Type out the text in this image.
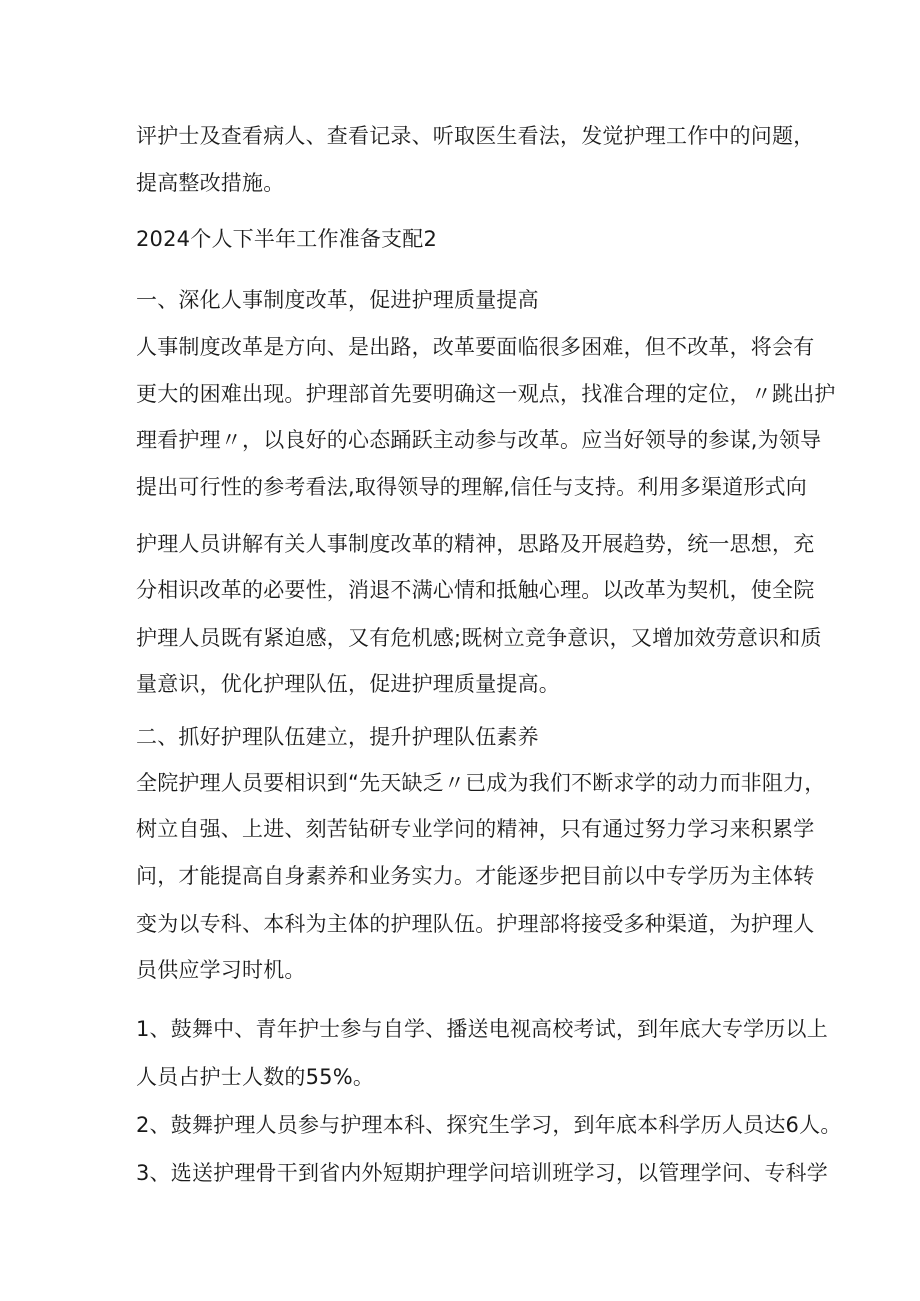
评护士及查看病人、查看记录、听取医生看法，发觉护理工作中的问题，
提高整改措施。
2024个人下半年工作准备支配2
一、深化人事制度改革，促进护理质量提高
人事制度改革是方向、是出路，改革要面临很多困难，但不改革，将会有
更大的困难出现。护理部首先要明确这一观点，找准合理的定位，〃跳出护
理看护理〃，以良好的心态踊跃主动参与改革。应当好领导的参谋,为领导
提出可行性的参考看法,取得领导的理解,信任与支持。利用多渠道形式向
护理人员讲解有关人事制度改革的精神，思路及开展趋势，统一思想，充
分相识改革的必要性，消退不满心情和抵触心理。以改革为契机，使全院
护理人员既有紧迫感，又有危机感;既树立竞争意识，又增加效劳意识和质
量意识，优化护理队伍，促进护理质量提高。
二、抓好护理队伍建立，提升护理队伍素养
全院护理人员要相识到“先天缺乏〃已成为我们不断求学的动力而非阻力，
树立自强、上进、刻苦钻研专业学问的精神，只有通过努力学习来积累学
问，才能提高自身素养和业务实力。才能逐步把目前以中专学历为主体转
变为以专科、本科为主体的护理队伍。护理部将接受多种渠道，为护理人
员供应学习时机。
1、鼓舞中、青年护士参与自学、播送电视高校考试，到年底大专学历以上
人员占护士人数的55%。
2、鼓舞护理人员参与护理本科、探究生学习，到年底本科学历人员达6人。
3、选送护理骨干到省内外短期护理学问培训班学习，以管理学问、专科学
